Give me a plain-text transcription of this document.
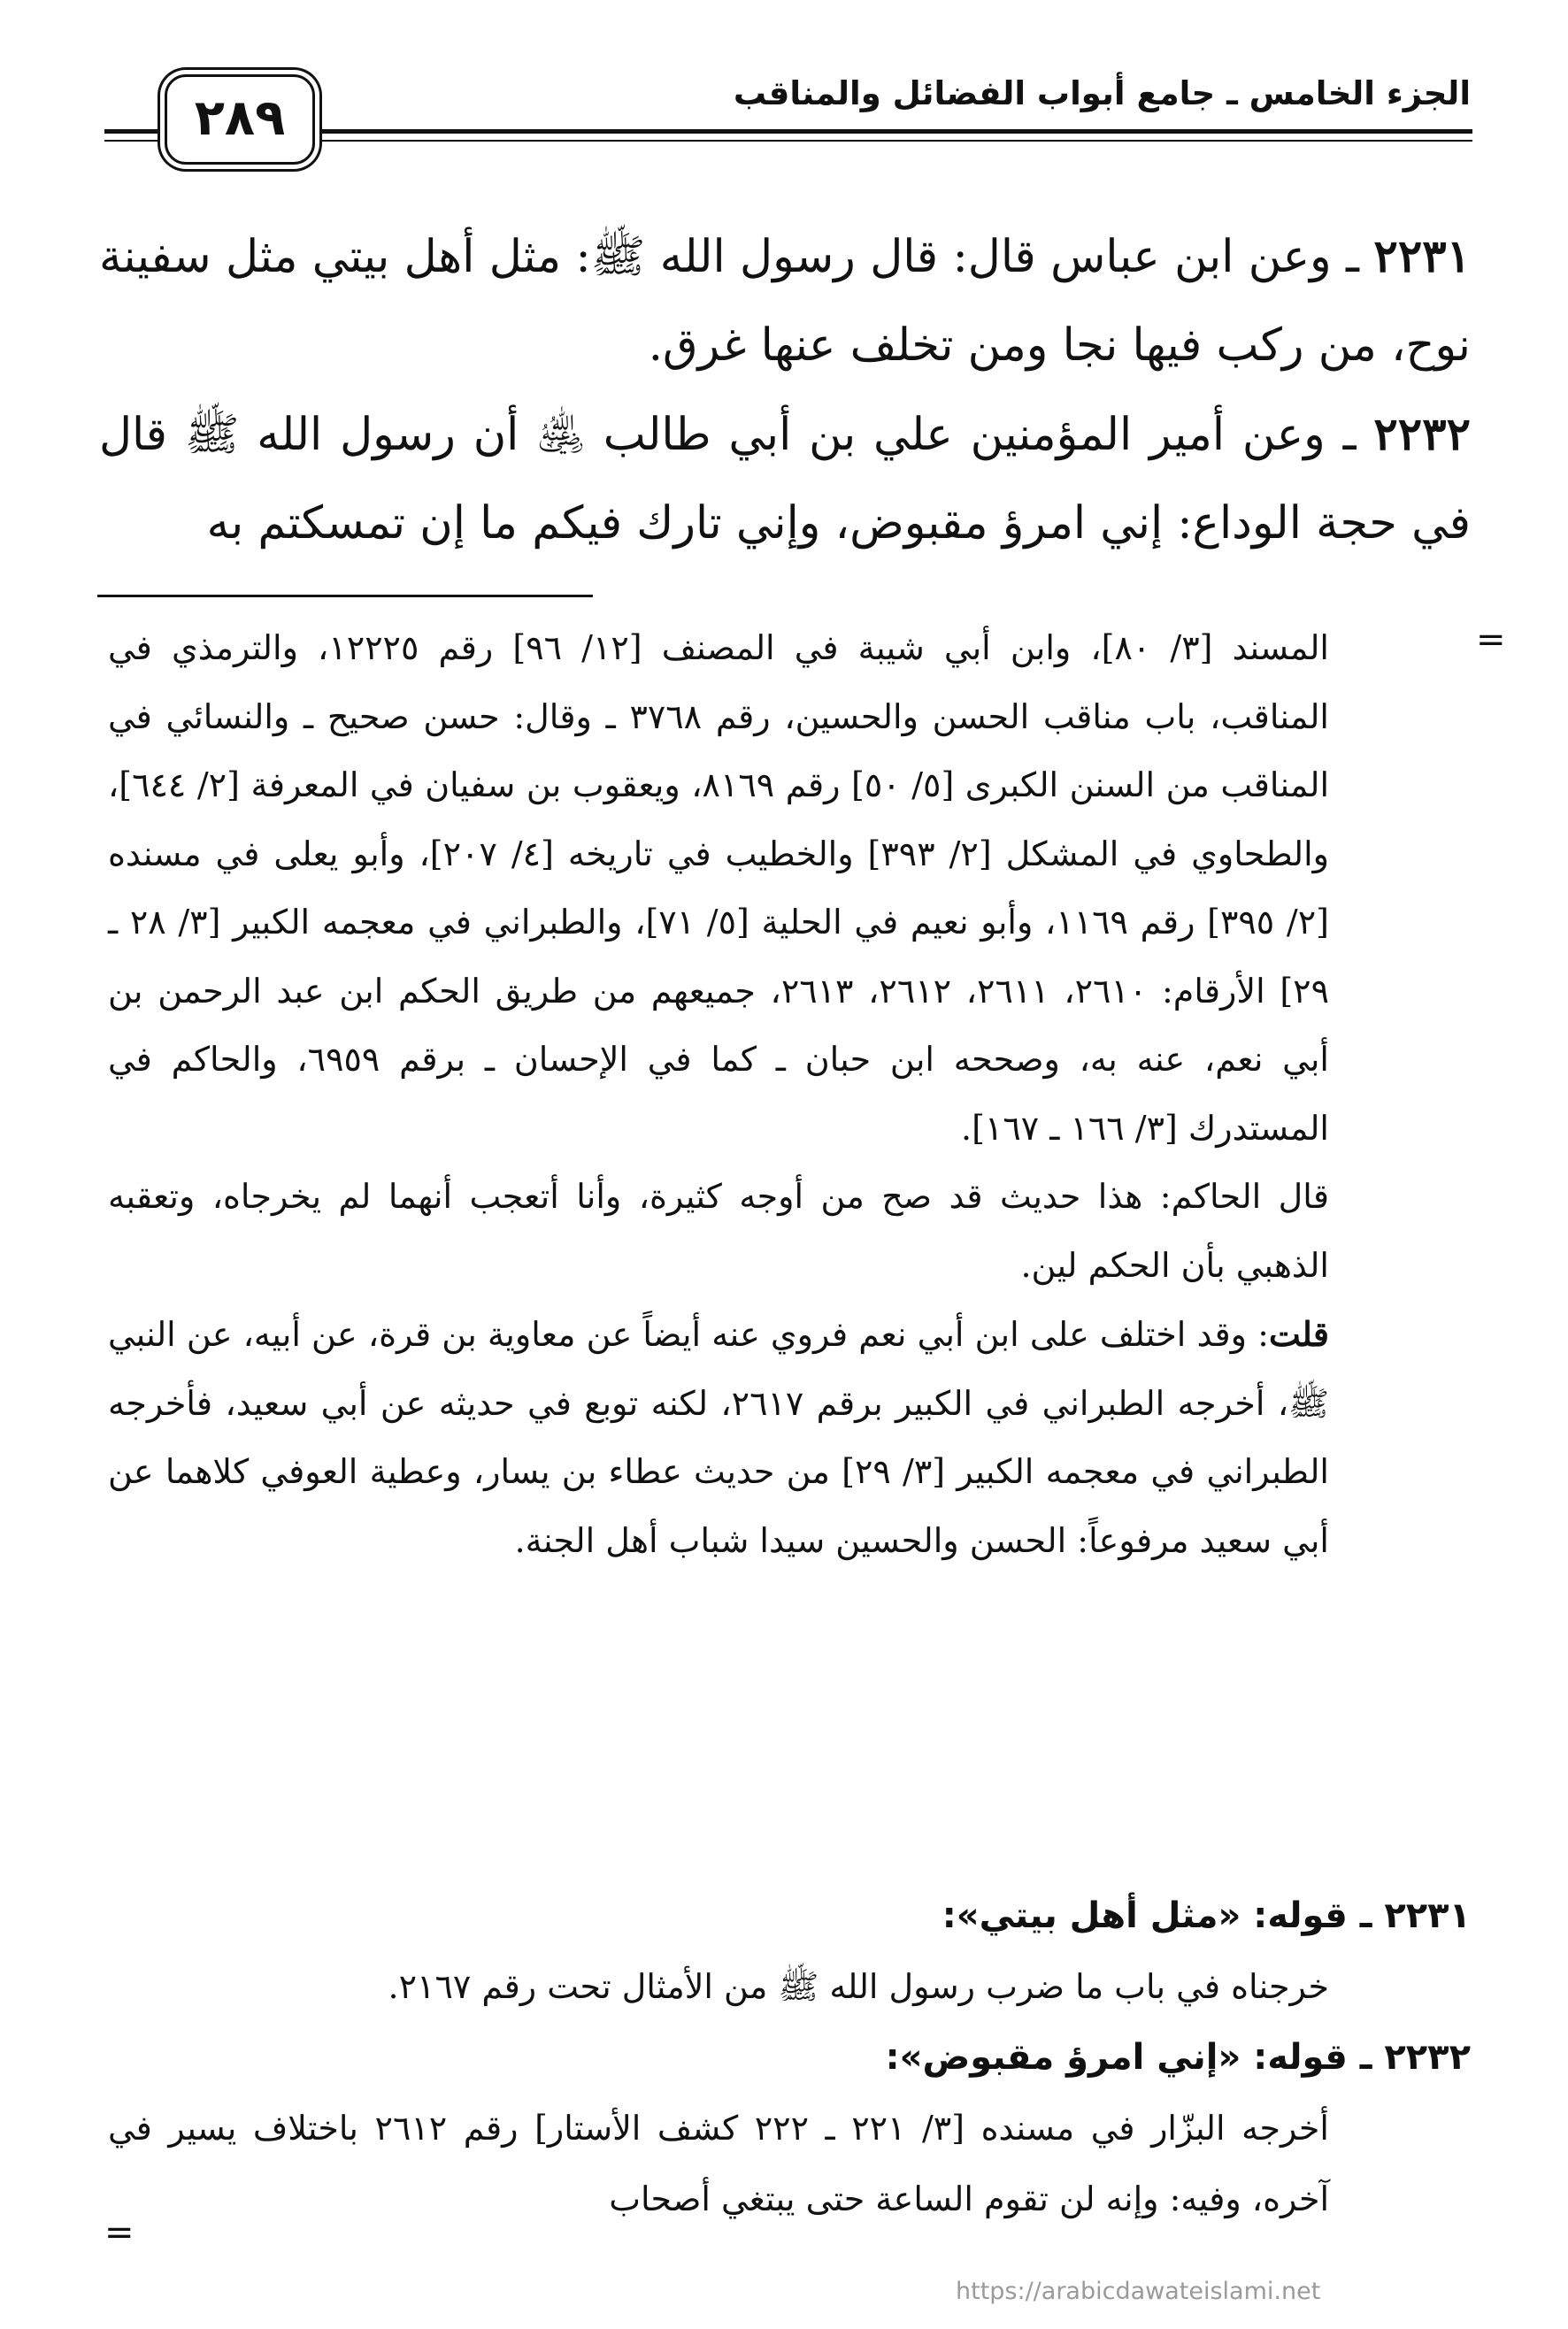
الجزء الخامس ـ جامع أبواب الفضائل والمناقب
٢٨٩

٢٢٣١ ـ وعن ابن عباس قال: قال رسول الله ﷺ: مثل أهل بيتي مثل سفينة نوح، من ركب فيها نجا ومن تخلف عنها غرق.

٢٢٣٢ ـ وعن أمير المؤمنين علي بن أبي طالب ﵁ أن رسول الله ﷺ قال في حجة الوداع: إني امرؤ مقبوض، وإني تارك فيكم ما إن تمسكتم به

=

المسند [٣/ ٨٠]، وابن أبي شيبة في المصنف [١٢/ ٩٦] رقم ١٢٢٢٥، والترمذي في المناقب، باب مناقب الحسن والحسين، رقم ٣٧٦٨ ـ وقال: حسن صحيح ـ والنسائي في المناقب من السنن الكبرى [٥/ ٥٠] رقم ٨١٦٩، ويعقوب بن سفيان في المعرفة [٢/ ٦٤٤]، والطحاوي في المشكل [٢/ ٣٩٣] والخطيب في تاريخه [٤/ ٢٠٧]، وأبو يعلى في مسنده [٢/ ٣٩٥] رقم ١١٦٩، وأبو نعيم في الحلية [٥/ ٧١]، والطبراني في معجمه الكبير [٣/ ٢٨ ـ ٢٩] الأرقام: ٢٦١٠، ٢٦١١، ٢٦١٢، ٢٦١٣، جميعهم من طريق الحكم ابن عبد الرحمن بن أبي نعم، عنه به، وصححه ابن حبان ـ كما في الإحسان ـ برقم ٦٩٥٩، والحاكم في المستدرك [٣/ ١٦٦ ـ ١٦٧].

قال الحاكم: هذا حديث قد صح من أوجه كثيرة، وأنا أتعجب أنهما لم يخرجاه، وتعقبه الذهبي بأن الحكم لين.

قلت: وقد اختلف على ابن أبي نعم فروي عنه أيضاً عن معاوية بن قرة، عن أبيه، عن النبي ﷺ، أخرجه الطبراني في الكبير برقم ٢٦١٧، لكنه توبع في حديثه عن أبي سعيد، فأخرجه الطبراني في معجمه الكبير [٣/ ٢٩] من حديث عطاء بن يسار، وعطية العوفي كلاهما عن أبي سعيد مرفوعاً: الحسن والحسين سيدا شباب أهل الجنة.

٢٢٣١ ـ قوله: «مثل أهل بيتي»:

خرجناه في باب ما ضرب رسول الله ﷺ من الأمثال تحت رقم ٢١٦٧.

٢٢٣٢ ـ قوله: «إني امرؤ مقبوض»:

أخرجه البزّار في مسنده [٣/ ٢٢١ ـ ٢٢٢ كشف الأستار] رقم ٢٦١٢ باختلاف يسير في آخره، وفيه: وإنه لن تقوم الساعة حتى يبتغي أصحاب

=
https://arabicdawateislami.net
